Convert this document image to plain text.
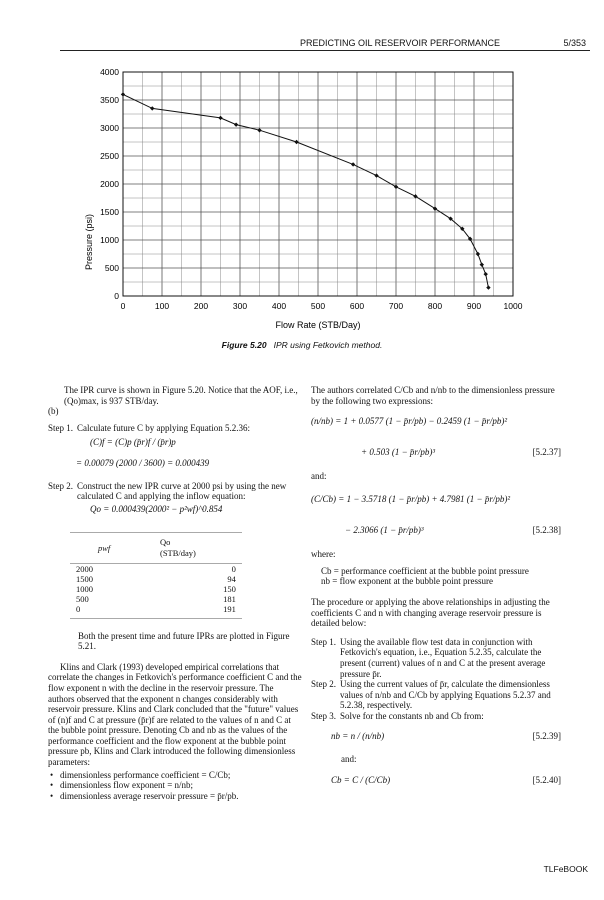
PREDICTING OIL RESERVOIR PERFORMANCE	5/353
0	100	200	300	400	500	600	700	800	900	1000
0
500
1000
1500
2000
2500
3000
3500
4000
Flow Rate (STB/Day)
Pressure (psi)
Figure 5.20 IPR using Fetkovich method.

The IPR curve is shown in Figure 5.20. Notice that the AOF, i.e., (Qo)max, is 937 STB/day.

(b)

Step 1. Calculate future C by applying Equation 5.2.36:
(C)f = (C)p (p̄r)f / (p̄r)p
= 0.00079 (2000 / 3600) = 0.000439
Step 2. Construct the new IPR curve at 2000 psi by using the new calculated C and applying the inflow equation:
Qo = 0.000439(2000² − p²wf)^0.854
pwf	Qo (STB/day)
2000	0
1500	94
1000	150
500	181
0	191

Both the present time and future IPRs are plotted in Figure 5.21.

Klins and Clark (1993) developed empirical correlations that correlate the changes in Fetkovich's performance coefficient C and the flow exponent n with the decline in the reservoir pressure. The authors observed that the exponent n changes considerably with reservoir pressure. Klins and Clark concluded that the "future" values of (n)f and C at pressure (p̄r)f are related to the values of n and C at the bubble point pressure. Denoting Cb and nb as the values of the performance coefficient and the flow exponent at the bubble point pressure pb, Klins and Clark introduced the following dimensionless parameters:

• dimensionless performance coefficient = C/Cb;
• dimensionless flow exponent = n/nb;
• dimensionless average reservoir pressure = p̄r/pb.

The authors correlated C/Cb and n/nb to the dimensionless pressure by the following two expressions:

(n/nb) = 1 + 0.0577 (1 − p̄r/pb) − 0.2459 (1 − p̄r/pb)²
+ 0.503 (1 − p̄r/pb)³	[5.2.37]

and:

(C/Cb) = 1 − 3.5718 (1 − p̄r/pb) + 4.7981 (1 − p̄r/pb)²
− 2.3066 (1 − p̄r/pb)³	[5.2.38]

where:

Cb = performance coefficient at the bubble point pressure

nb = flow exponent at the bubble point pressure

The procedure or applying the above relationships in adjusting the coefficients C and n with changing average reservoir pressure is detailed below:

Step 1. Using the available flow test data in conjunction with Fetkovich's equation, i.e., Equation 5.2.35, calculate the present (current) values of n and C at the present average pressure p̄r.
Step 2. Using the current values of p̄r, calculate the dimensionless values of n/nb and C/Cb by applying Equations 5.2.37 and 5.2.38, respectively.
Step 3. Solve for the constants nb and Cb from:
nb = n / (n/nb)	[5.2.39]

and:

Cb = C / (C/Cb)	[5.2.40]
TLFeBOOK
